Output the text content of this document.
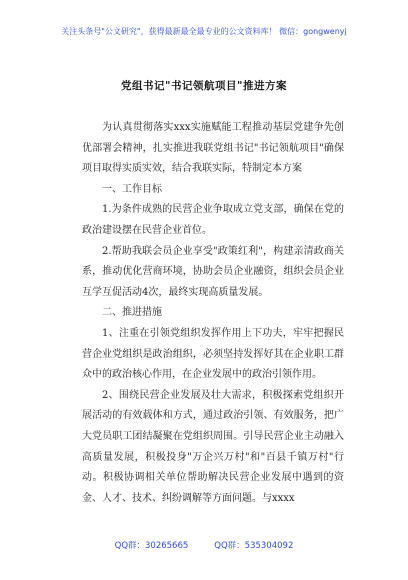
关注头条号"公文研究"，获得最新最全最专业的公文资料库！ 微信：gongwenyj
党组书记"书记领航项目"推进方案

为认真贯彻落实xxx实施赋能工程推动基层党建争先创优部署会精神，扎实推进我联党组书记"书记领航项目"确保项目取得实质实效，结合我联实际，特制定本方案

一、工作目标

1.为条件成熟的民营企业争取成立党支部，确保在党的政治建设摆在民营企业首位。

2.帮助我联会员企业享受"政策红利"，构建亲清政商关系，推动优化营商环境，协助会员企业融资，组织会员企业互学互促活动4次，最终实现高质量发展。

二、推进措施

1、注重在引领党组织发挥作用上下功夫，牢牢把握民营企业党组织是政治组织，必须坚持发挥好其在企业职工群众中的政治核心作用，在企业发展中的政治引领作用。

2、围绕民营企业发展及壮大需求，积极探索党组织开展活动的有效载体和方式，通过政治引领、有效服务，把广大党员职工团结凝聚在党组织周围。引导民营企业主动融入高质量发展，积极投身"万企兴万村"和"百县千镇万村"行动。积极协调相关单位帮助解决民营企业发展中遇到的资金、人才、技术、纠纷调解等方面问题。与xxxx

QQ群：30265665	QQ群：535304092
